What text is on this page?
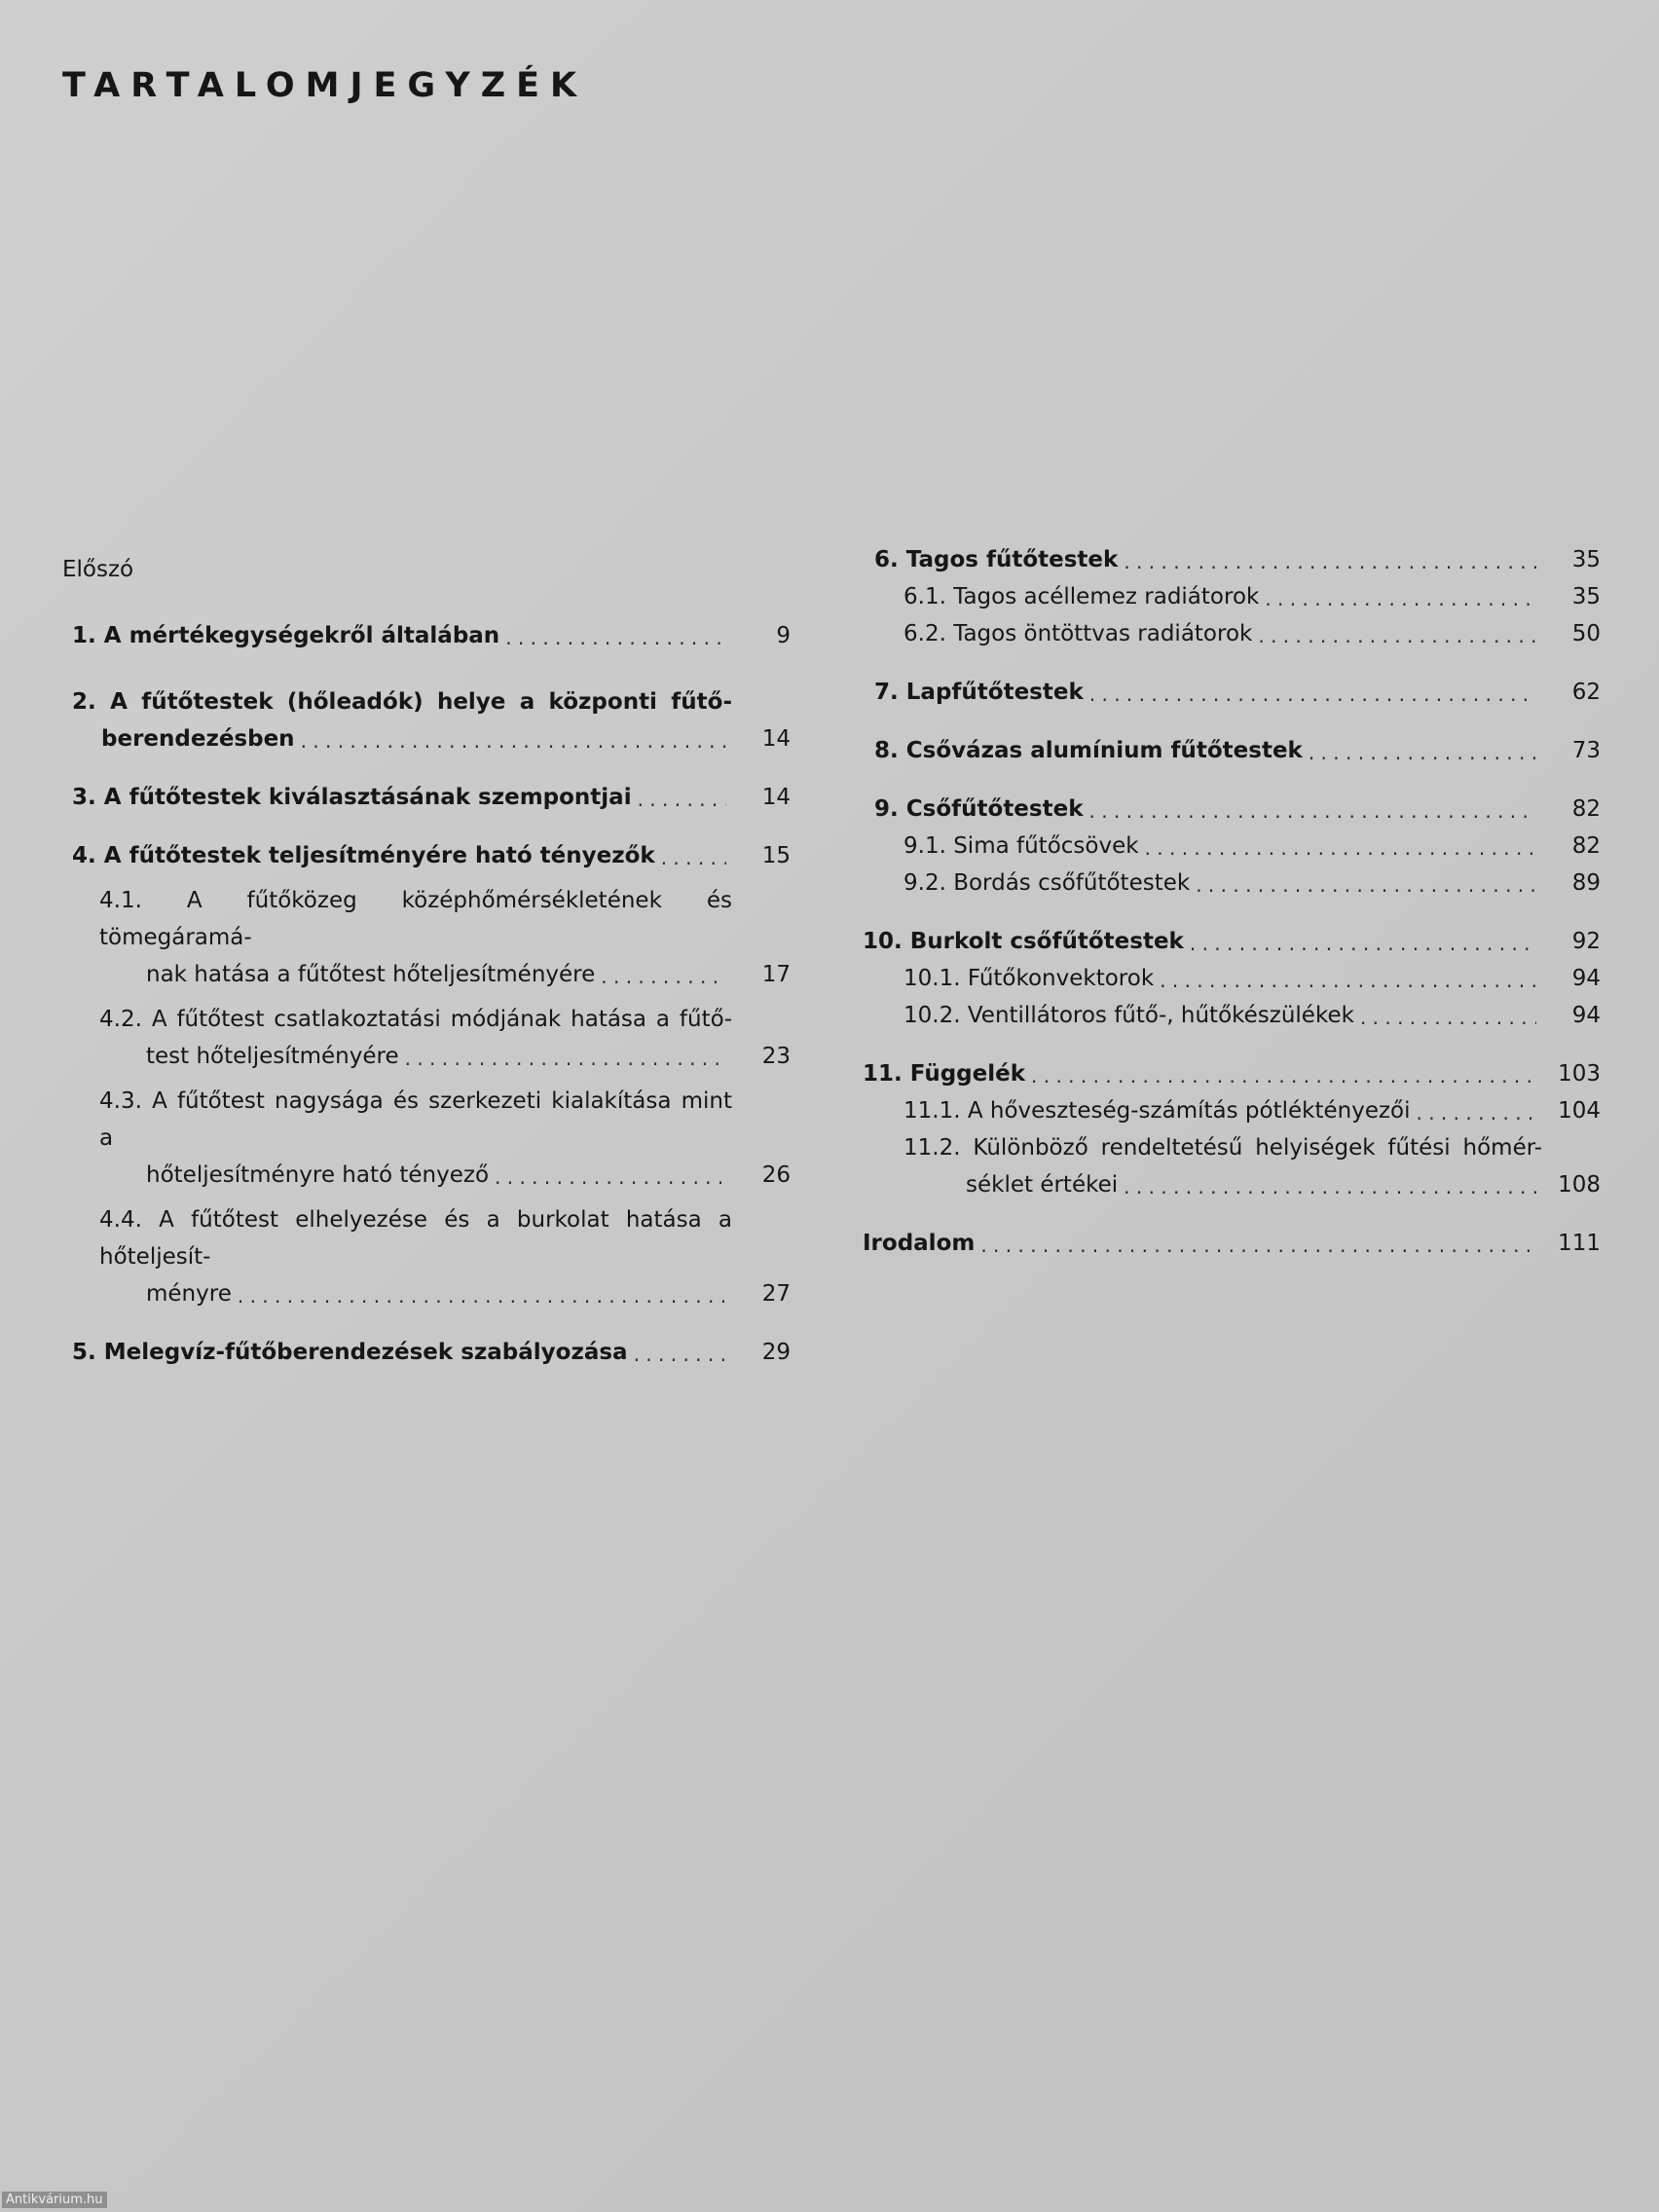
TARTALOMJEGYZÉK
Előszó
1. A mértékegységekről általában . . .	9
2. A fűtőtestek (hőleadók) helye a központi fűtő-
berendezésben . . .	14
3. A fűtőtestek kiválasztásának szempontjai . . .	14
4. A fűtőtestek teljesítményére ható tényezők . . .	15
4.1. A fűtőközeg középhőmérsékletének és tömegáramá-
nak hatása a fűtőtest hőteljesítményére . . .	17
4.2. A fűtőtest csatlakoztatási módjának hatása a fűtő-
test hőteljesítményére . . .	23
4.3. A fűtőtest nagysága és szerkezeti kialakítása mint a
hőteljesítményre ható tényező . . .	26
4.4. A fűtőtest elhelyezése és a burkolat hatása a hőteljesít-
ményre . . .	27
5. Melegvíz-fűtőberendezések szabályozása . . .	29
6. Tagos fűtőtestek . . .	35
6.1. Tagos acéllemez radiátorok . . .	35
6.2. Tagos öntöttvas radiátorok . . .	50
7. Lapfűtőtestek . . .	62
8. Csővázas alumínium fűtőtestek . . .	73
9. Csőfűtőtestek . . .	82
9.1. Sima fűtőcsövek . . .	82
9.2. Bordás csőfűtőtestek . . .	89
10. Burkolt csőfűtőtestek . . .	92
10.1. Fűtőkonvektorok . . .	94
10.2. Ventillátoros fűtő-, hűtőkészülékek . . .	94
11. Függelék . . .	103
11.1. A hőveszteség-számítás pótléktényezői . . .	104
11.2. Különböző rendeltetésű helyiségek fűtési hőmér-
séklet értékei . . .	108
Irodalom . . .	111
Antikvárium.hu
